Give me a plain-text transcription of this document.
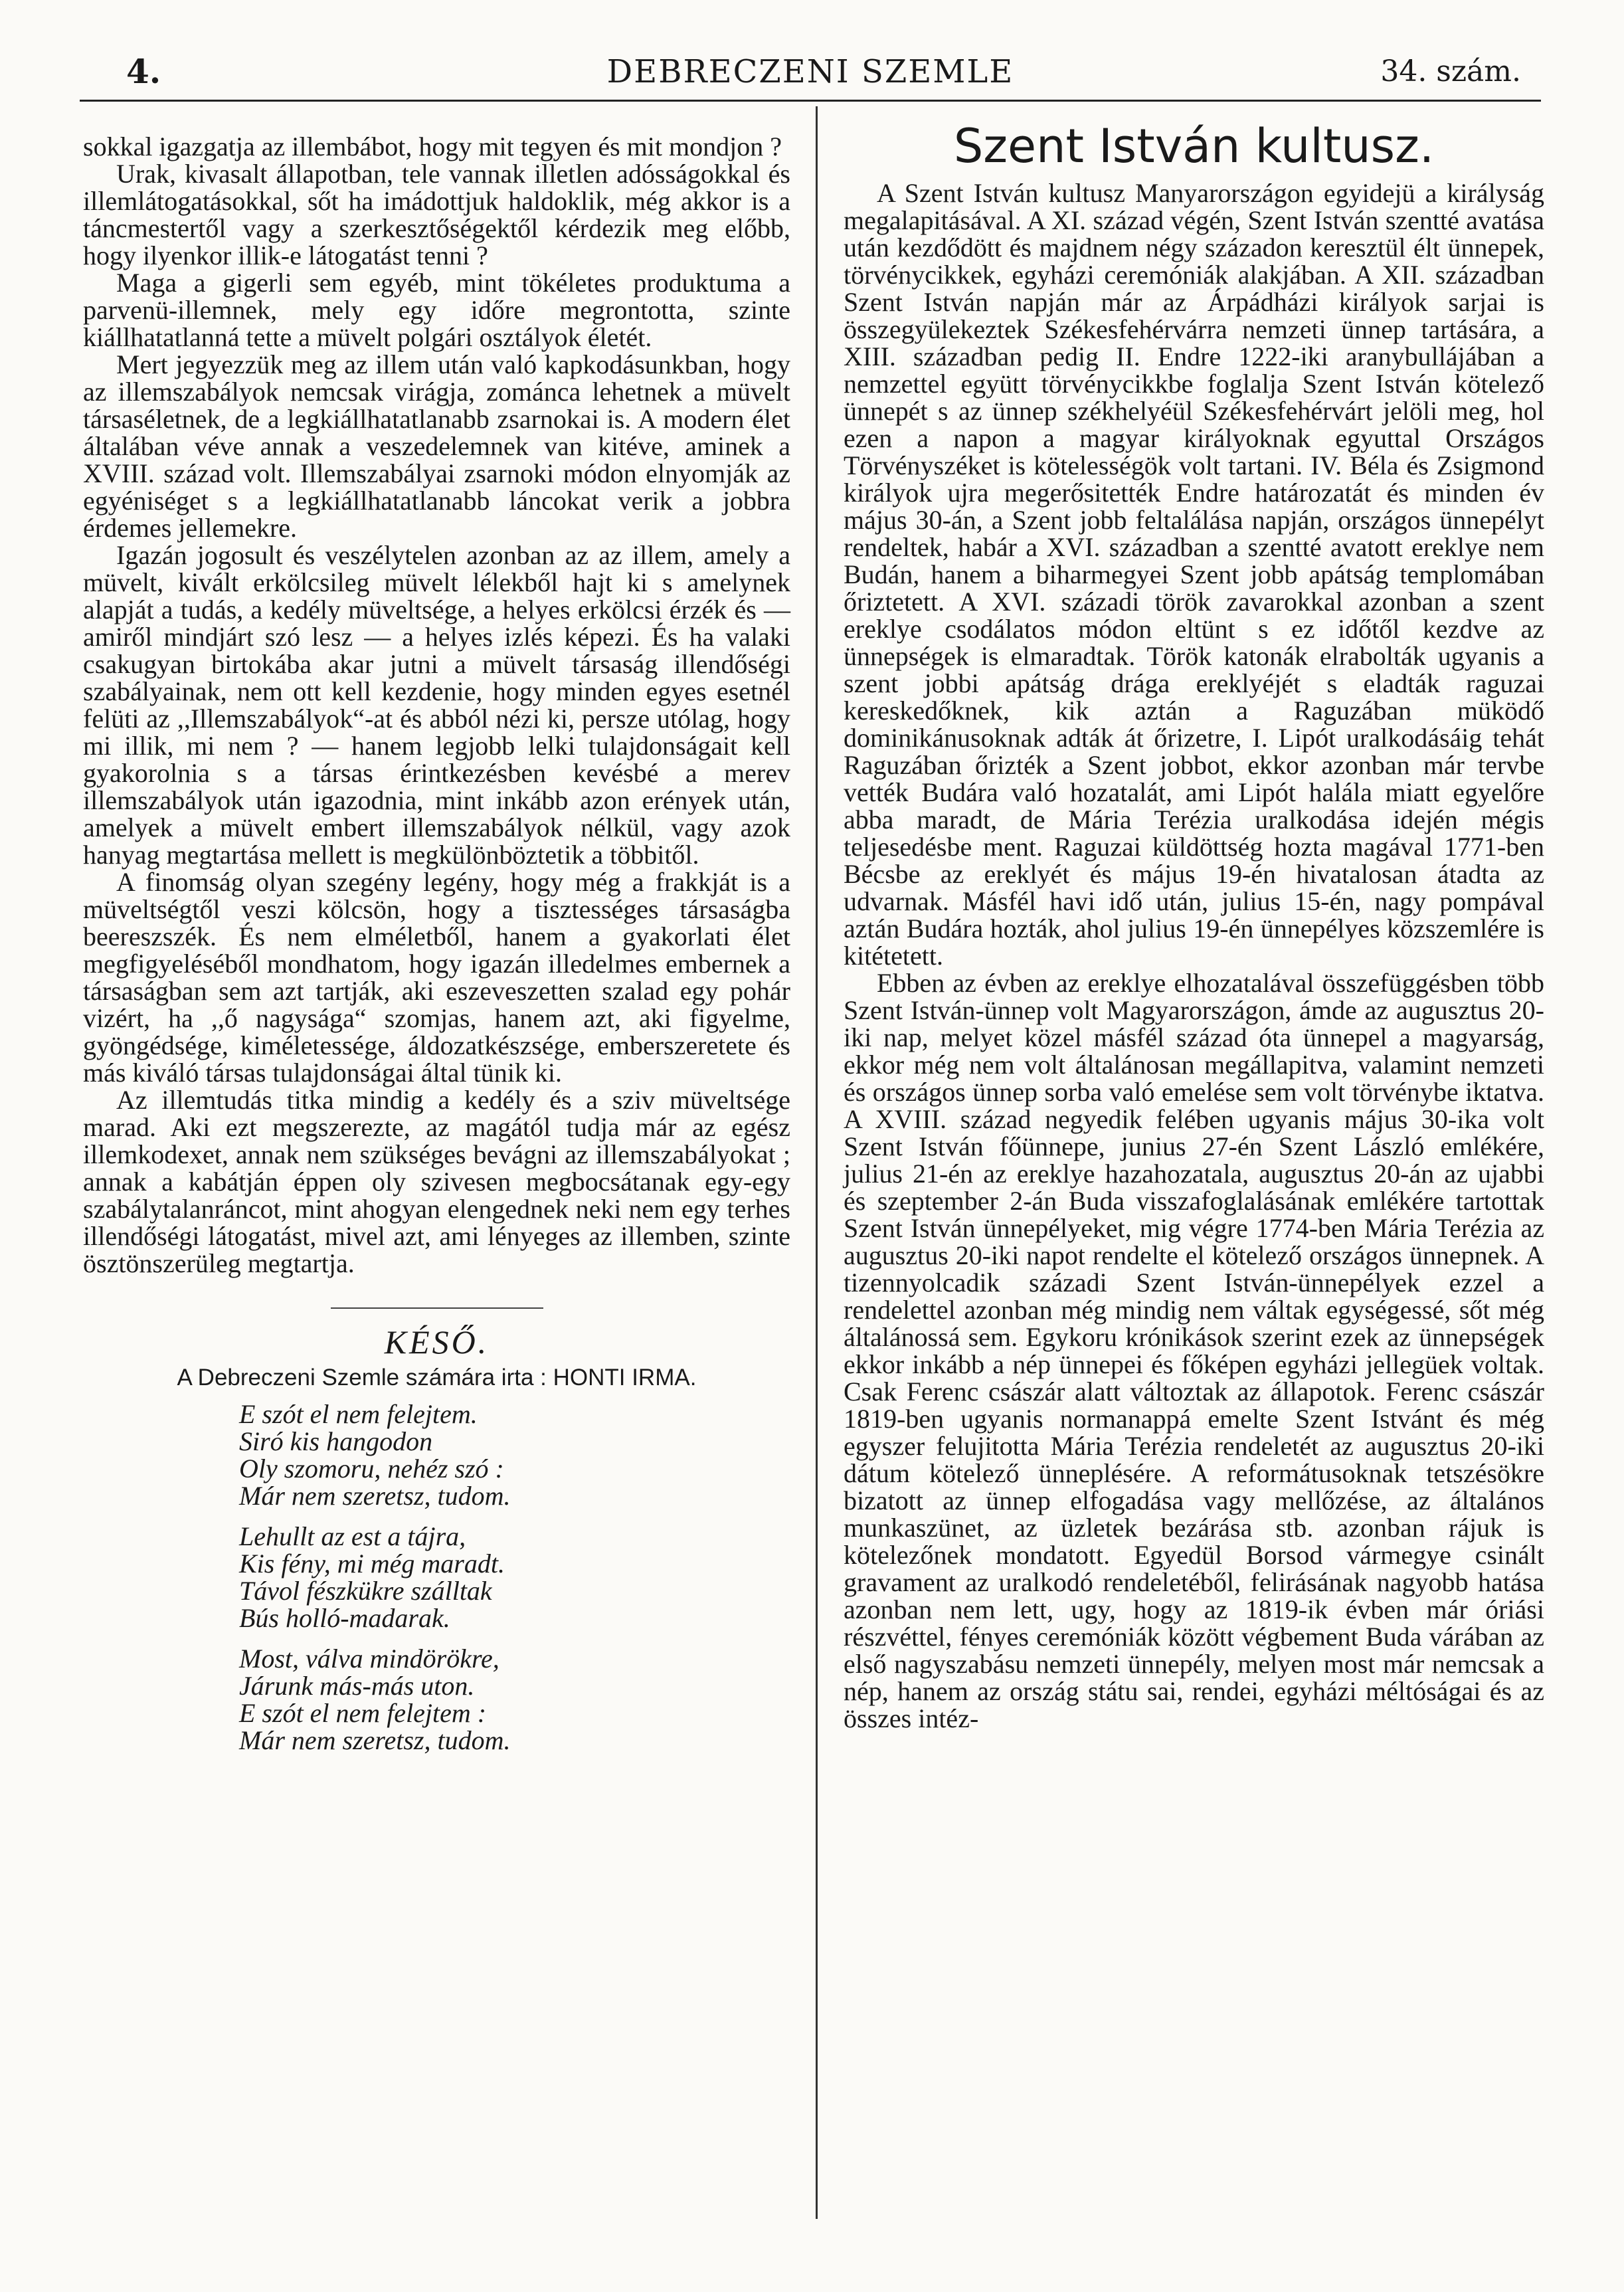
4.	DEBRECZENI SZEMLE	34. szám.

sokkal igazgatja az illembábot, hogy mit tegyen és mit mondjon ?

Urak, kivasalt állapotban, tele vannak illetlen adósságokkal és illemlátogatásokkal, sőt ha imádottjuk haldoklik, még akkor is a táncmestertől vagy a szerkesztőségektől kérdezik meg előbb, hogy ilyenkor illik-e látogatást tenni ?

Maga a gigerli sem egyéb, mint tökéletes produktuma a parvenü-illemnek, mely egy időre megrontotta, szinte kiállhatatlanná tette a müvelt polgári osztályok életét.

Mert jegyezzük meg az illem után való kapkodásunkban, hogy az illemszabályok nemcsak virágja, zománca lehetnek a müvelt társaséletnek, de a legkiállhatatlanabb zsarnokai is. A modern élet általában véve annak a veszedelemnek van kitéve, aminek a XVIII. század volt. Illemszabályai zsarnoki módon elnyomják az egyéniséget s a legkiállhatatlanabb láncokat verik a jobbra érdemes jellemekre.

Igazán jogosult és veszélytelen azonban az az illem, amely a müvelt, kivált erkölcsileg müvelt lélekből hajt ki s amelynek alapját a tudás, a kedély müveltsége, a helyes erkölcsi érzék és — amiről mindjárt szó lesz — a helyes izlés képezi. És ha valaki csakugyan birtokába akar jutni a müvelt társaság illendőségi szabályainak, nem ott kell kezdenie, hogy minden egyes esetnél felüti az ,,Illemszabályok“-at és abból nézi ki, persze utólag, hogy mi illik, mi nem ? — hanem legjobb lelki tulajdonságait kell gyakorolnia s a társas érintkezésben kevésbé a merev illemszabályok után igazodnia, mint inkább azon erények után, amelyek a müvelt embert illemszabályok nélkül, vagy azok hanyag megtartása mellett is megkülönböztetik a többitől.

A finomság olyan szegény legény, hogy még a frakkját is a müveltségtől veszi kölcsön, hogy a tisztességes társaságba beereszszék. És nem elméletből, hanem a gyakorlati élet megfigyeléséből mondhatom, hogy igazán illedelmes embernek a társaságban sem azt tartják, aki eszeveszetten szalad egy pohár vizért, ha ,,ő nagysága“ szomjas, hanem azt, aki figyelme, gyöngédsége, kiméletessége, áldozatkészsége, emberszeretete és más kiváló társas tulajdonságai által tünik ki.

Az illemtudás titka mindig a kedély és a sziv müveltsége marad. Aki ezt megszerezte, az magától tudja már az egész illemkodexet, annak nem szükséges bevágni az illemszabályokat ; annak a kabátján éppen oly szivesen megbocsátanak egy-egy szabálytalanráncot, mint ahogyan elengednek neki nem egy terhes illendőségi látogatást, mivel azt, ami lényeges az illemben, szinte ösztönszerüleg megtartja.

KÉSŐ.
A Debreczeni Szemle számára irta : HONTI IRMA.
E szót el nem felejtem.
Siró kis hangodon
Oly szomoru, nehéz szó :
Már nem szeretsz, tudom.
Lehullt az est a tájra,
Kis fény, mi még maradt.
Távol fészkükre szálltak
Bús holló-madarak.
Most, válva mindörökre,
Járunk más-más uton.
E szót el nem felejtem :
Már nem szeretsz, tudom.
Szent István kultusz.

A Szent István kultusz Manyarországon egyidejü a királyság megalapitásával. A XI. század végén, Szent István szentté avatása után kezdődött és majdnem négy századon keresztül élt ünnepek, törvénycikkek, egyházi ceremóniák alakjában. A XII. században Szent István napján már az Árpádházi királyok sarjai is összegyülekeztek Székesfehérvárra nemzeti ünnep tartására, a XIII. században pedig II. Endre 1222-iki aranybullájában a nemzettel együtt törvénycikkbe foglalja Szent István kötelező ünnepét s az ünnep székhelyéül Székesfehérvárt jelöli meg, hol ezen a napon a magyar királyoknak egyuttal Országos Törvényszéket is kötelességök volt tartani. IV. Béla és Zsigmond királyok ujra megerősitették Endre határozatát és minden év május 30-án, a Szent jobb feltalálása napján, országos ünnepélyt rendeltek, habár a XVI. században a szentté avatott ereklye nem Budán, hanem a biharmegyei Szent jobb apátság templomában őriztetett. A XVI. századi török zavarokkal azonban a szent ereklye csodálatos módon eltünt s ez időtől kezdve az ünnepségek is elmaradtak. Török katonák elrabolták ugyanis a szent jobbi apátság drága ereklyéjét s eladták raguzai kereskedőknek, kik aztán a Raguzában müködő dominikánusoknak adták át őrizetre, I. Lipót uralkodásáig tehát Raguzában őrizték a Szent jobbot, ekkor azonban már tervbe vették Budára való hozatalát, ami Lipót halála miatt egyelőre abba maradt, de Mária Terézia uralkodása idején mégis teljesedésbe ment. Raguzai küldöttség hozta magával 1771-ben Bécsbe az ereklyét és május 19-én hivatalosan átadta az udvarnak. Másfél havi idő után, julius 15-én, nagy pompával aztán Budára hozták, ahol julius 19-én ünnepélyes közszemlére is kitétetett.

Ebben az évben az ereklye elhozatalával összefüggésben több Szent István-ünnep volt Magyarországon, ámde az augusztus 20-iki nap, melyet közel másfél század óta ünnepel a magyarság, ekkor még nem volt általánosan megállapitva, valamint nemzeti és országos ünnep sorba való emelése sem volt törvénybe iktatva. A XVIII. század negyedik felében ugyanis május 30-ika volt Szent István főünnepe, junius 27-én Szent László emlékére, julius 21-én az ereklye hazahozatala, augusztus 20-án az ujabbi és szeptember 2-án Buda visszafoglalásának emlékére tartottak Szent István ünnepélyeket, mig végre 1774-ben Mária Terézia az augusztus 20-iki napot rendelte el kötelező országos ünnepnek. A tizennyolcadik századi Szent István-ünnepélyek ezzel a rendelettel azonban még mindig nem váltak egységessé, sőt még általánossá sem. Egykoru krónikások szerint ezek az ünnepségek ekkor inkább a nép ünnepei és főképen egyházi jellegüek voltak. Csak Ferenc császár alatt változtak az állapotok. Ferenc császár 1819-ben ugyanis normanappá emelte Szent Istvánt és még egyszer felujitotta Mária Terézia rendeletét az augusztus 20-iki dátum kötelező ünneplésére. A reformátusoknak tetszésökre bizatott az ünnep elfogadása vagy mellőzése, az általános munkaszünet, az üzletek bezárása stb. azonban rájuk is kötelezőnek mondatott. Egyedül Borsod vármegye csinált gravament az uralkodó rendeletéből, felirásának nagyobb hatása azonban nem lett, ugy, hogy az 1819-ik évben már óriási részvéttel, fényes ceremóniák között végbement Buda várában az első nagyszabásu nemzeti ünnepély, melyen most már nemcsak a nép, hanem az ország státu sai, rendei, egyházi méltóságai és az összes intéz-
